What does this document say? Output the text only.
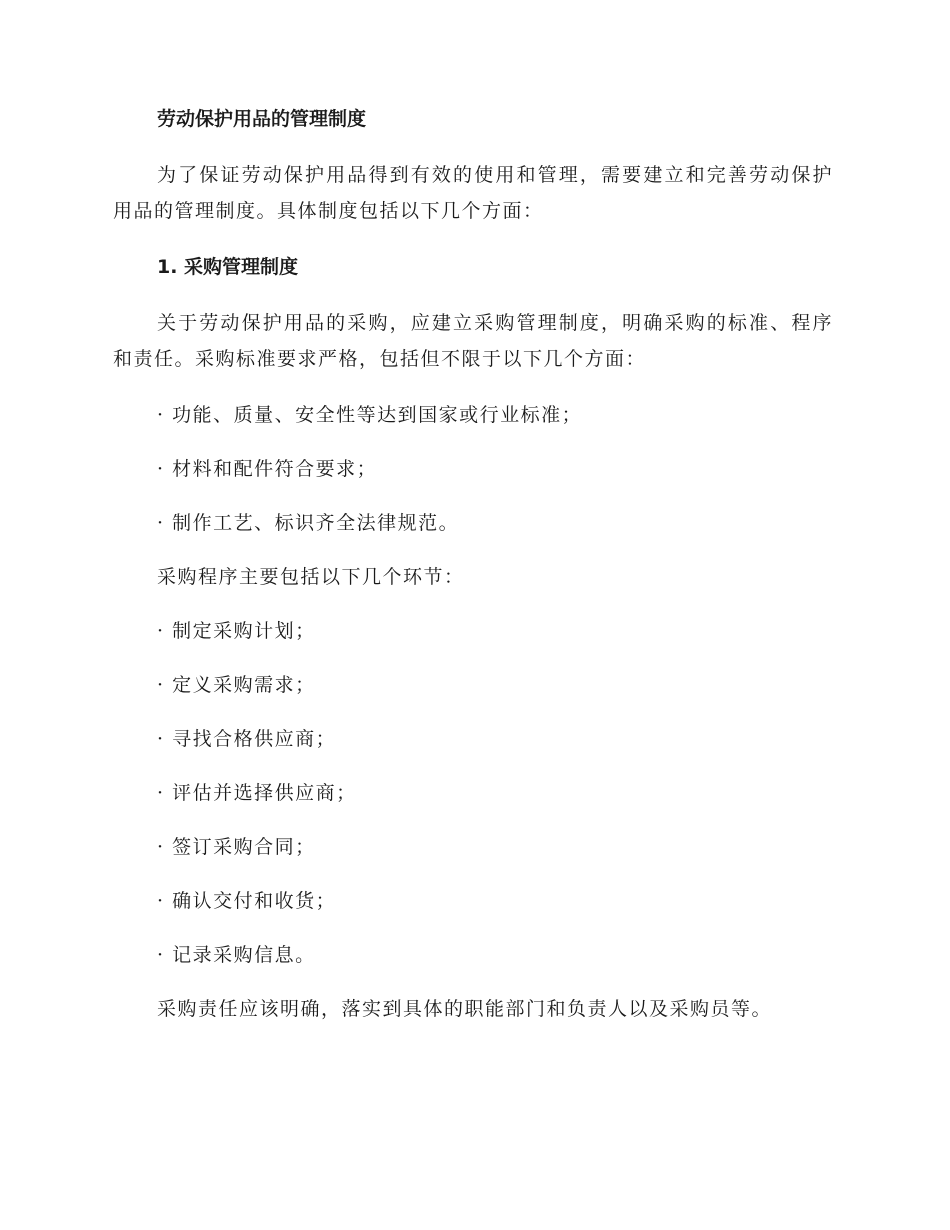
劳动保护用品的管理制度

为了保证劳动保护用品得到有效的使用和管理，需要建立和完善劳动保护用品的管理制度。具体制度包括以下几个方面：

1. 采购管理制度

关于劳动保护用品的采购，应建立采购管理制度，明确采购的标准、程序和责任。采购标准要求严格，包括但不限于以下几个方面：

· 功能、质量、安全性等达到国家或行业标准；
· 材料和配件符合要求；
· 制作工艺、标识齐全法律规范。
采购程序主要包括以下几个环节：
· 制定采购计划；
· 定义采购需求；
· 寻找合格供应商；
· 评估并选择供应商；
· 签订采购合同；
· 确认交付和收货；
· 记录采购信息。
采购责任应该明确，落实到具体的职能部门和负责人以及采购员等。
